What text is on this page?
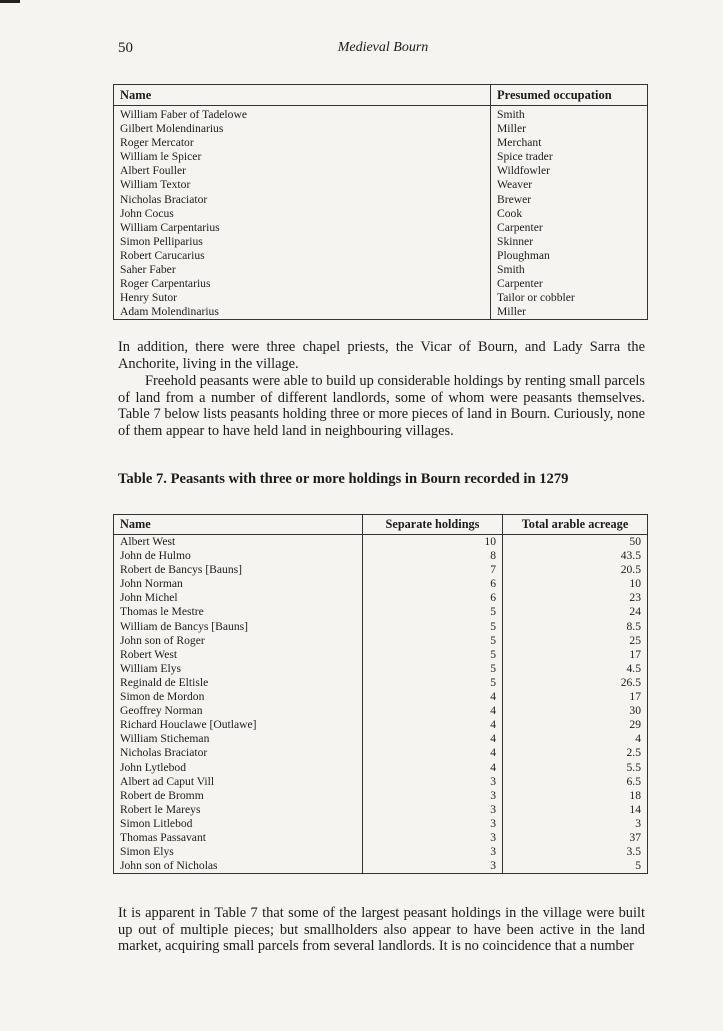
50	Medieval Bourn
Name	Presumed occupation
William Faber of Tadelowe	Smith
Gilbert Molendinarius	Miller
Roger Mercator	Merchant
William le Spicer	Spice trader
Albert Fouller	Wildfowler
William Textor	Weaver
Nicholas Braciator	Brewer
John Cocus	Cook
William Carpentarius	Carpenter
Simon Pelliparius	Skinner
Robert Carucarius	Ploughman
Saher Faber	Smith
Roger Carpentarius	Carpenter
Henry Sutor	Tailor or cobbler
Adam Molendinarius	Miller
In addition, there were three chapel priests, the Vicar of Bourn, and Lady Sarra the Anchorite, living in the village.
Freehold peasants were able to build up considerable holdings by renting small parcels of land from a number of different landlords, some of whom were peasants themselves. Table 7 below lists peasants holding three or more pieces of land in Bourn. Curiously, none of them appear to have held land in neighbouring villages.
Table 7. Peasants with three or more holdings in Bourn recorded in 1279
Name	Separate holdings	Total arable acreage
Albert West	10	50
John de Hulmo	8	43.5
Robert de Bancys [Bauns]	7	20.5
John Norman	6	10
John Michel	6	23
Thomas le Mestre	5	24
William de Bancys [Bauns]	5	8.5
John son of Roger	5	25
Robert West	5	17
William Elys	5	4.5
Reginald de Eltisle	5	26.5
Simon de Mordon	4	17
Geoffrey Norman	4	30
Richard Houclawe [Outlawe]	4	29
William Sticheman	4	4
Nicholas Braciator	4	2.5
John Lytlebod	4	5.5
Albert ad Caput Vill	3	6.5
Robert de Bromm	3	18
Robert le Mareys	3	14
Simon Litlebod	3	3
Thomas Passavant	3	37
Simon Elys	3	3.5
John son of Nicholas	3	5
It is apparent in Table 7 that some of the largest peasant holdings in the village were built up out of multiple pieces; but smallholders also appear to have been active in the land market, acquiring small parcels from several landlords. It is no coincidence that a number
